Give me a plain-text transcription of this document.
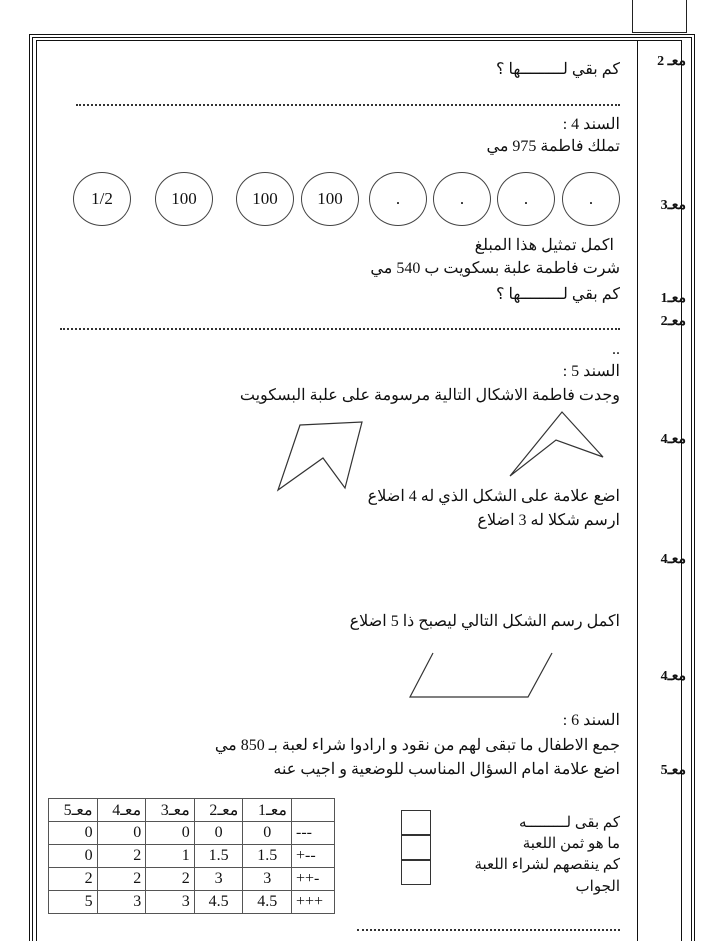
معـ 2
معـ3
معـ1
معـ2
معـ4
معـ4
معـ4
معـ5
كم بقي لـــــــــها ؟
السند 4 :
تملك فاطمة 975 مي
1/2	100	100	100	.	.	.	.
اكمل تمثيل هذا المبلغ
شرت فاطمة علبة بسكويت ب 540 مي
كم بقي لـــــــــها ؟
..
السند 5 :
وجدت فاطمة الاشكال التالية مرسومة على علبة البسكويت
اضع علامة على الشكل الذي له 4 اضلاع
ارسم شكلا له 3 اضلاع
اكمل رسم الشكل التالي ليصبح ذا 5 اضلاع
السند 6 :
جمع الاطفال ما تبقى لهم من نقود و ارادوا شراء لعبة بـ 850 مي
اضع علامة امام السؤال المناسب للوضعية و اجيب عنه
كم بقى لـــــــــه
ما هو ثمن اللعبة
كم ينقصهم لشراء اللعبة
الجواب
معـ5	معـ4	معـ3	معـ2	معـ1	
0	0	0	0	0	---
0	2	1	1.5	1.5	+--
2	2	2	3	3	++-
5	3	3	4.5	4.5	+++
